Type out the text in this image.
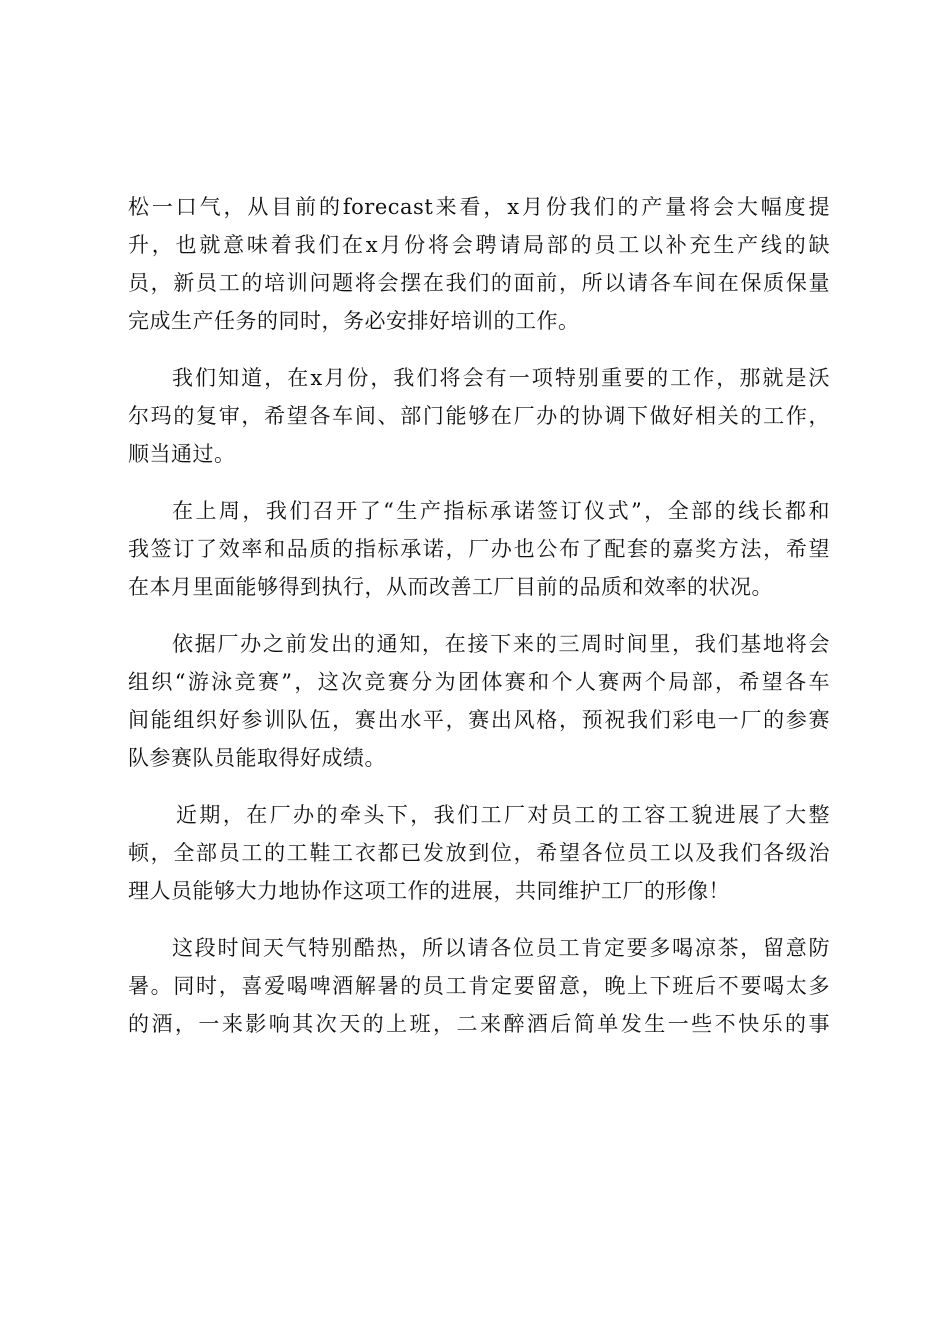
松一口气，从目前的forecast来看，x月份我们的产量将会大幅度提
升，也就意味着我们在x月份将会聘请局部的员工以补充生产线的缺
员，新员工的培训问题将会摆在我们的面前，所以请各车间在保质保量
完成生产任务的同时，务必安排好培训的工作。
我们知道，在x月份，我们将会有一项特别重要的工作，那就是沃
尔玛的复审，希望各车间、部门能够在厂办的协调下做好相关的工作，
顺当通过。
在上周，我们召开了“生产指标承诺签订仪式”，全部的线长都和
我签订了效率和品质的指标承诺，厂办也公布了配套的嘉奖方法，希望
在本月里面能够得到执行，从而改善工厂目前的品质和效率的状况。
依据厂办之前发出的通知，在接下来的三周时间里，我们基地将会
组织“游泳竞赛”，这次竞赛分为团体赛和个人赛两个局部，希望各车
间能组织好参训队伍，赛出水平，赛出风格，预祝我们彩电一厂的参赛
队参赛队员能取得好成绩。
近期，在厂办的牵头下，我们工厂对员工的工容工貌进展了大整
顿，全部员工的工鞋工衣都已发放到位，希望各位员工以及我们各级治
理人员能够大力地协作这项工作的进展，共同维护工厂的形像！
这段时间天气特别酷热，所以请各位员工肯定要多喝凉茶，留意防
暑。同时，喜爱喝啤酒解暑的员工肯定要留意，晚上下班后不要喝太多
的酒，一来影响其次天的上班，二来醉酒后简单发生一些不快乐的事
